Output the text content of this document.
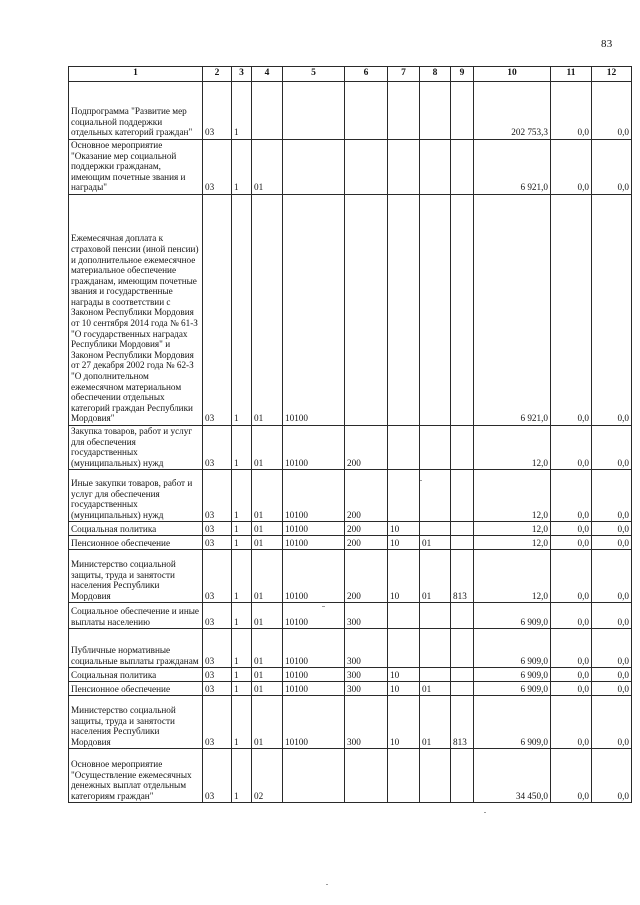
83
1	2	3	4	5	6	7	8	9	10	11	12
Подпрограмма "Развитие мер социальной поддержки отдельных категорий граждан"	03	1							202 753,3	0,0	0,0
Основное мероприятие "Оказание мер социальной поддержки гражданам, имеющим почетные звания и награды"	03	1	01						6 921,0	0,0	0,0
Ежемесячная доплата к страховой пенсии (иной пенсии) и дополнительное ежемесячное материальное обеспечение гражданам, имеющим почетные звания и государственные награды в соответствии с Законом Республики Мордовия от 10 сентября 2014 года № 61-З "О государственных наградах Республики Мордовия" и Законом Республики Мордовия от 27 декабря 2002 года № 62-З "О дополнительном ежемесячном материальном обеспечении отдельных категорий граждан Республики Мордовия"	03	1	01	10100					6 921,0	0,0	0,0
Закупка товаров, работ и услуг для обеспечения государственных (муниципальных) нужд	03	1	01	10100	200				12,0	0,0	0,0
Иные закупки товаров, работ и услуг для обеспечения государственных (муниципальных) нужд	03	1	01	10100	200				12,0	0,0	0,0
Социальная политика	03	1	01	10100	200	10			12,0	0,0	0,0
Пенсионное обеспечение	03	1	01	10100	200	10	01		12,0	0,0	0,0
Министерство социальной защиты, труда и занятости населения Республики Мордовия	03	1	01	10100	200	10	01	813	12,0	0,0	0,0
Социальное обеспечение и иные выплаты населению	03	1	01	10100	300				6 909,0	0,0	0,0
Публичные нормативные социальные выплаты гражданам	03	1	01	10100	300				6 909,0	0,0	0,0
Социальная политика	03	1	01	10100	300	10			6 909,0	0,0	0,0
Пенсионное обеспечение	03	1	01	10100	300	10	01		6 909,0	0,0	0,0
Министерство социальной защиты, труда и занятости населения Республики Мордовия	03	1	01	10100	300	10	01	813	6 909,0	0,0	0,0
Основное мероприятие "Осуществление ежемесячных денежных выплат отдельным категориям граждан"	03	1	02						34 450,0	0,0	0,0
